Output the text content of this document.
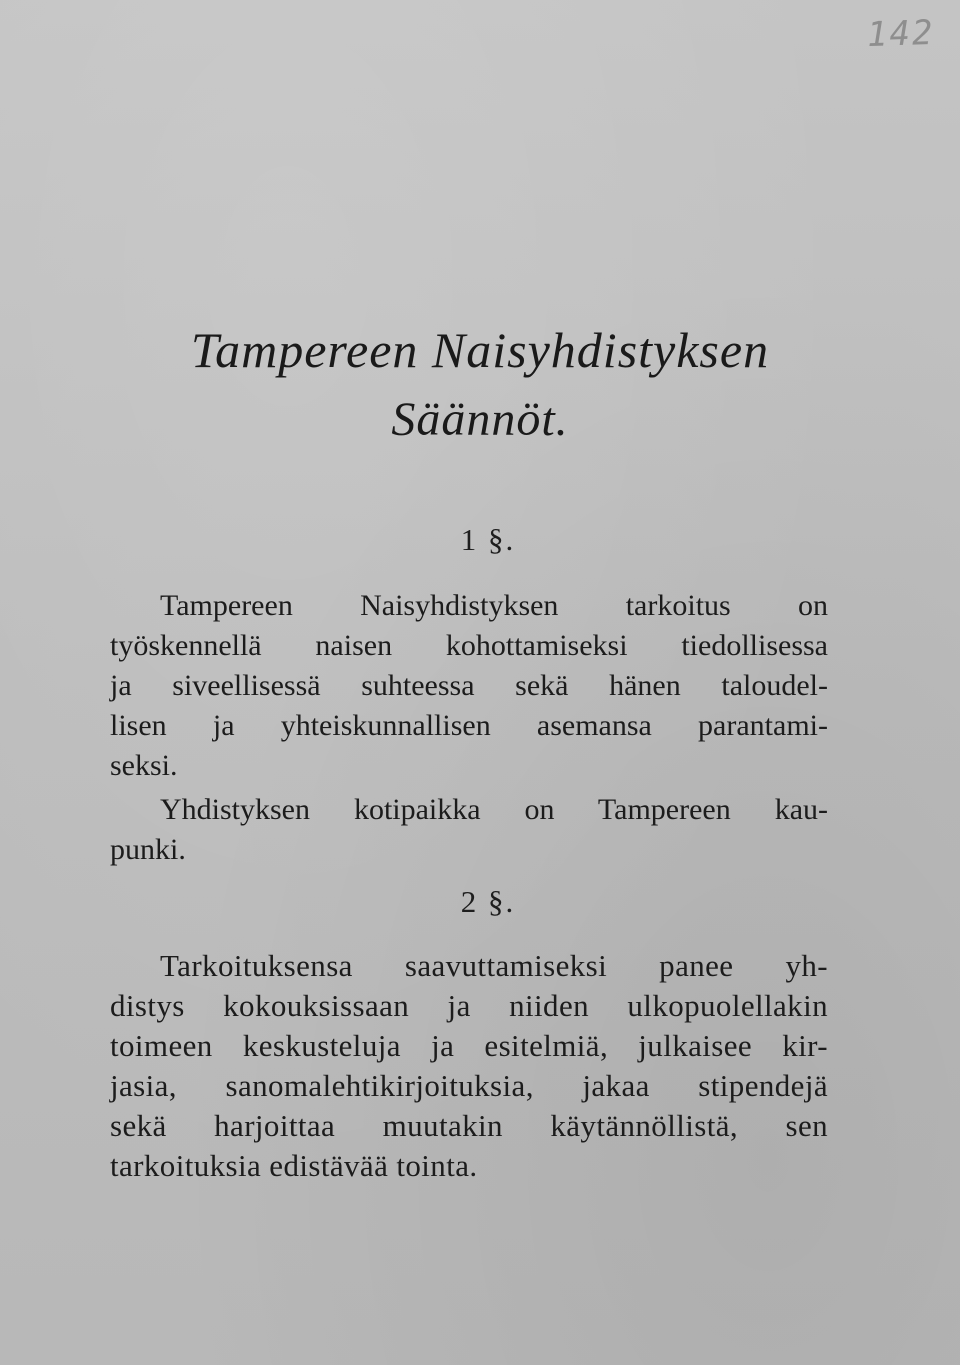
142
Tampereen Naisyhdistyksen
Säännöt.
1 §.
Tampereen Naisyhdistyksen tarkoitus on
työskennellä naisen kohottamiseksi tiedollisessa
ja siveellisessä suhteessa sekä hänen taloudel-
lisen ja yhteiskunnallisen asemansa parantami-
seksi.
Yhdistyksen kotipaikka on Tampereen kau-
punki.
2 §.
Tarkoituksensa saavuttamiseksi panee yh-
distys kokouksissaan ja niiden ulkopuolellakin
toimeen keskusteluja ja esitelmiä, julkaisee kir-
jasia, sanomalehtikirjoituksia, jakaa stipendejä
sekä harjoittaa muutakin käytännöllistä, sen
tarkoituksia edistävää tointa.
